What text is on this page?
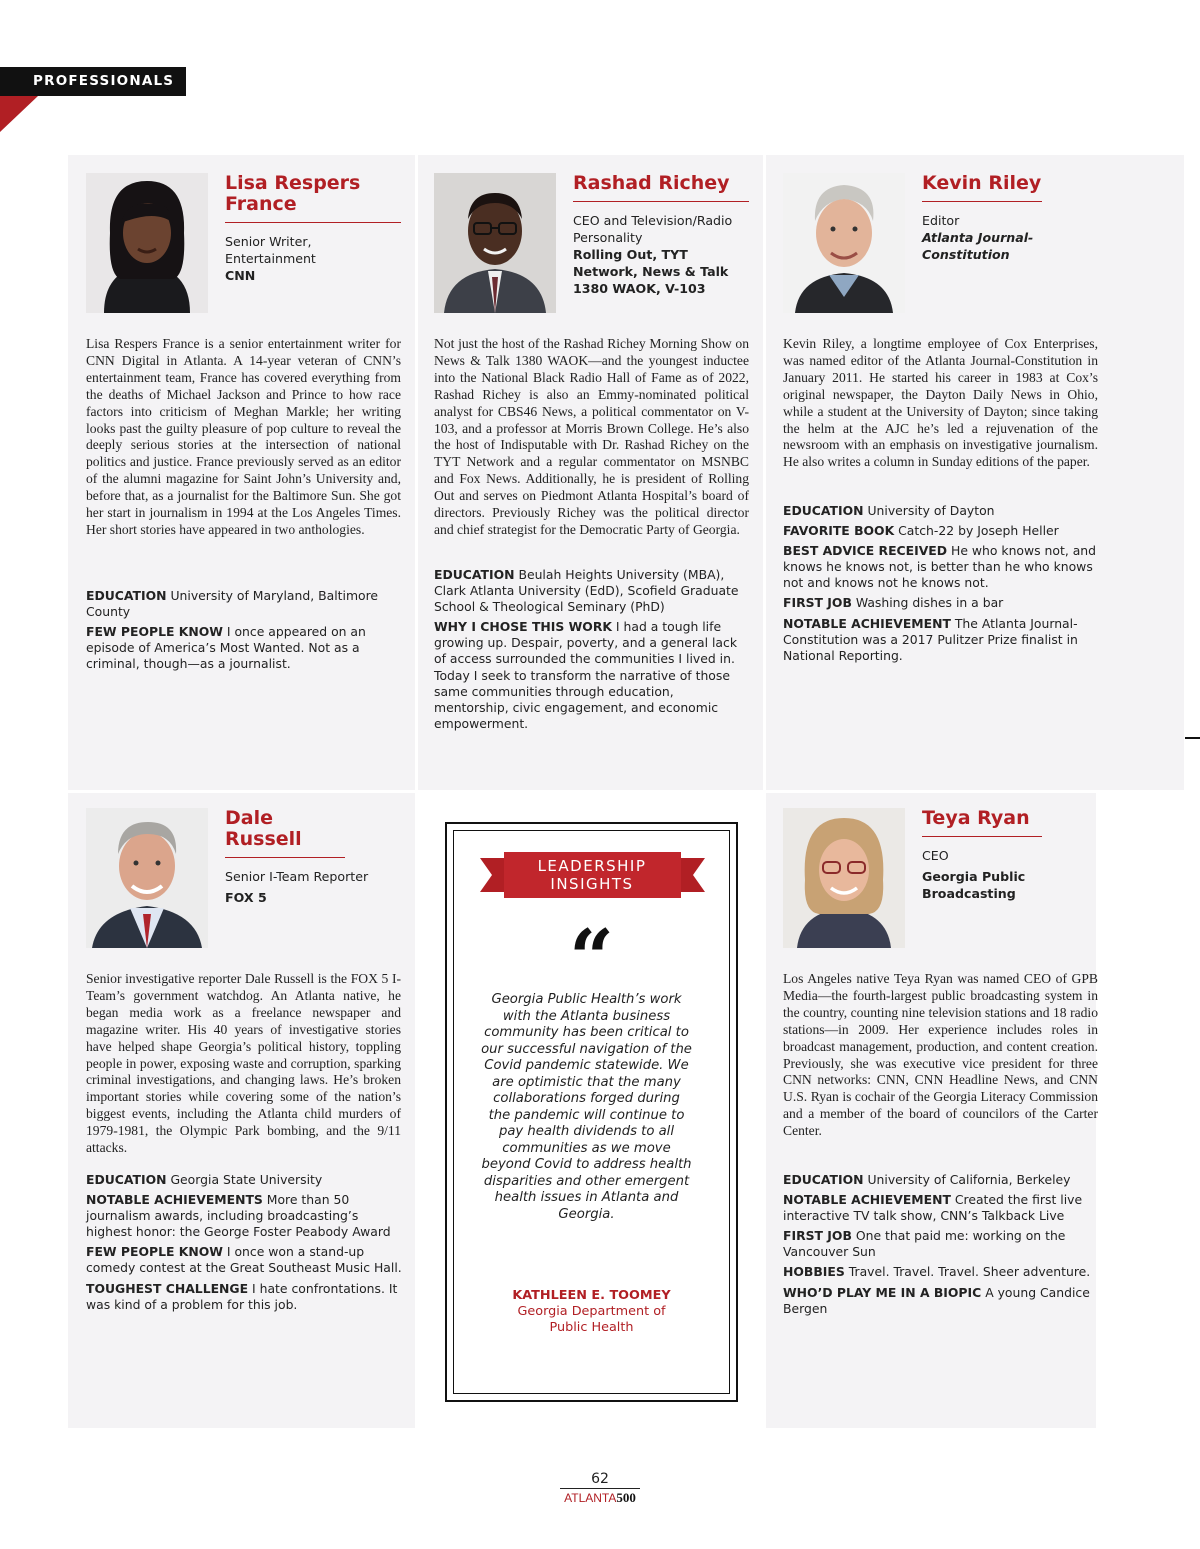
PROFESSIONALS
Lisa Respers France
Senior Writer, Entertainment
CNN
Lisa Respers France is a senior entertainment writer for CNN Digital in Atlanta. A 14-year veteran of CNN’s entertainment team, France has covered everything from the deaths of Michael Jackson and Prince to how race factors into criticism of Meghan Markle; her writing looks past the guilty pleasure of pop culture to reveal the deeply serious stories at the intersection of national politics and justice. France previously served as an editor of the alumni magazine for Saint John’s University and, before that, as a journalist for the Baltimore Sun. She got her start in journalism in 1994 at the Los Angeles Times. Her short stories have appeared in two anthologies.
EDUCATION University of Maryland, Baltimore County
FEW PEOPLE KNOW I once appeared on an episode of America’s Most Wanted. Not as a criminal, though—as a journalist.
Rashad Richey
CEO and Television/Radio Personality
Rolling Out, TYT Network, News & Talk 1380 WAOK, V-103
Not just the host of the Rashad Richey Morning Show on News & Talk 1380 WAOK—and the youngest inductee into the National Black Radio Hall of Fame as of 2022, Rashad Richey is also an Emmy-nominated political analyst for CBS46 News, a political commentator on V-103, and a professor at Morris Brown College. He’s also the host of Indisputable with Dr. Rashad Richey on the TYT Network and a regular commentator on MSNBC and Fox News. Additionally, he is president of Rolling Out and serves on Piedmont Atlanta Hospital’s board of directors. Previously Richey was the political director and chief strategist for the Democratic Party of Georgia.
EDUCATION Beulah Heights University (MBA), Clark Atlanta University (EdD), Scofield Graduate School & Theological Seminary (PhD)
WHY I CHOSE THIS WORK I had a tough life growing up. Despair, poverty, and a general lack of access surrounded the communities I lived in. Today I seek to transform the narrative of those same communities through education, mentorship, civic engagement, and economic empowerment.
Kevin Riley
Editor
Atlanta Journal-Constitution
Kevin Riley, a longtime employee of Cox Enterprises, was named editor of the Atlanta Journal-Constitution in January 2011. He started his career in 1983 at Cox’s original newspaper, the Dayton Daily News in Ohio, while a student at the University of Dayton; since taking the helm at the AJC he’s led a rejuvenation of the newsroom with an emphasis on investigative journalism. He also writes a column in Sunday editions of the paper.
EDUCATION University of Dayton
FAVORITE BOOK Catch-22 by Joseph Heller
BEST ADVICE RECEIVED He who knows not, and knows he knows not, is better than he who knows not and knows not he knows not.
FIRST JOB Washing dishes in a bar
NOTABLE ACHIEVEMENT The Atlanta Journal-Constitution was a 2017 Pulitzer Prize finalist in National Reporting.
Dale Russell
Senior I-Team Reporter
FOX 5
Senior investigative reporter Dale Russell is the FOX 5 I-Team’s government watchdog. An Atlanta native, he began media work as a freelance newspaper and magazine writer. His 40 years of investigative stories have helped shape Georgia’s political history, toppling people in power, exposing waste and corruption, sparking criminal investigations, and changing laws. He’s broken important stories while covering some of the nation’s biggest events, including the Atlanta child murders of 1979-1981, the Olympic Park bombing, and the 9/11 attacks.
EDUCATION Georgia State University
NOTABLE ACHIEVEMENTS More than 50 journalism awards, including broadcasting’s highest honor: the George Foster Peabody Award
FEW PEOPLE KNOW I once won a stand-up comedy contest at the Great Southeast Music Hall.
TOUGHEST CHALLENGE I hate confrontations. It was kind of a problem for this job.
LEADERSHIP INSIGHTS
“
Georgia Public Health’s work with the Atlanta business community has been critical to our successful navigation of the Covid pandemic statewide. We are optimistic that the many collaborations forged during the pandemic will continue to pay health dividends to all communities as we move beyond Covid to address health disparities and other emergent health issues in Atlanta and Georgia.
KATHLEEN E. TOOMEY
Georgia Department of Public Health
Teya Ryan
CEO
Georgia Public Broadcasting
Los Angeles native Teya Ryan was named CEO of GPB Media—the fourth-largest public broadcasting system in the country, counting nine television stations and 18 radio stations—in 2009. Her experience includes roles in broadcast management, production, and content creation. Previously, she was executive vice president for three CNN networks: CNN, CNN Headline News, and CNN U.S. Ryan is cochair of the Georgia Literacy Commission and a member of the board of councilors of the Carter Center.
EDUCATION University of California, Berkeley
NOTABLE ACHIEVEMENT Created the first live interactive TV talk show, CNN’s Talkback Live
FIRST JOB One that paid me: working on the Vancouver Sun
HOBBIES Travel. Travel. Travel. Sheer adventure.
WHO’D PLAY ME IN A BIOPIC A young Candice Bergen
62
ATLANTA500
